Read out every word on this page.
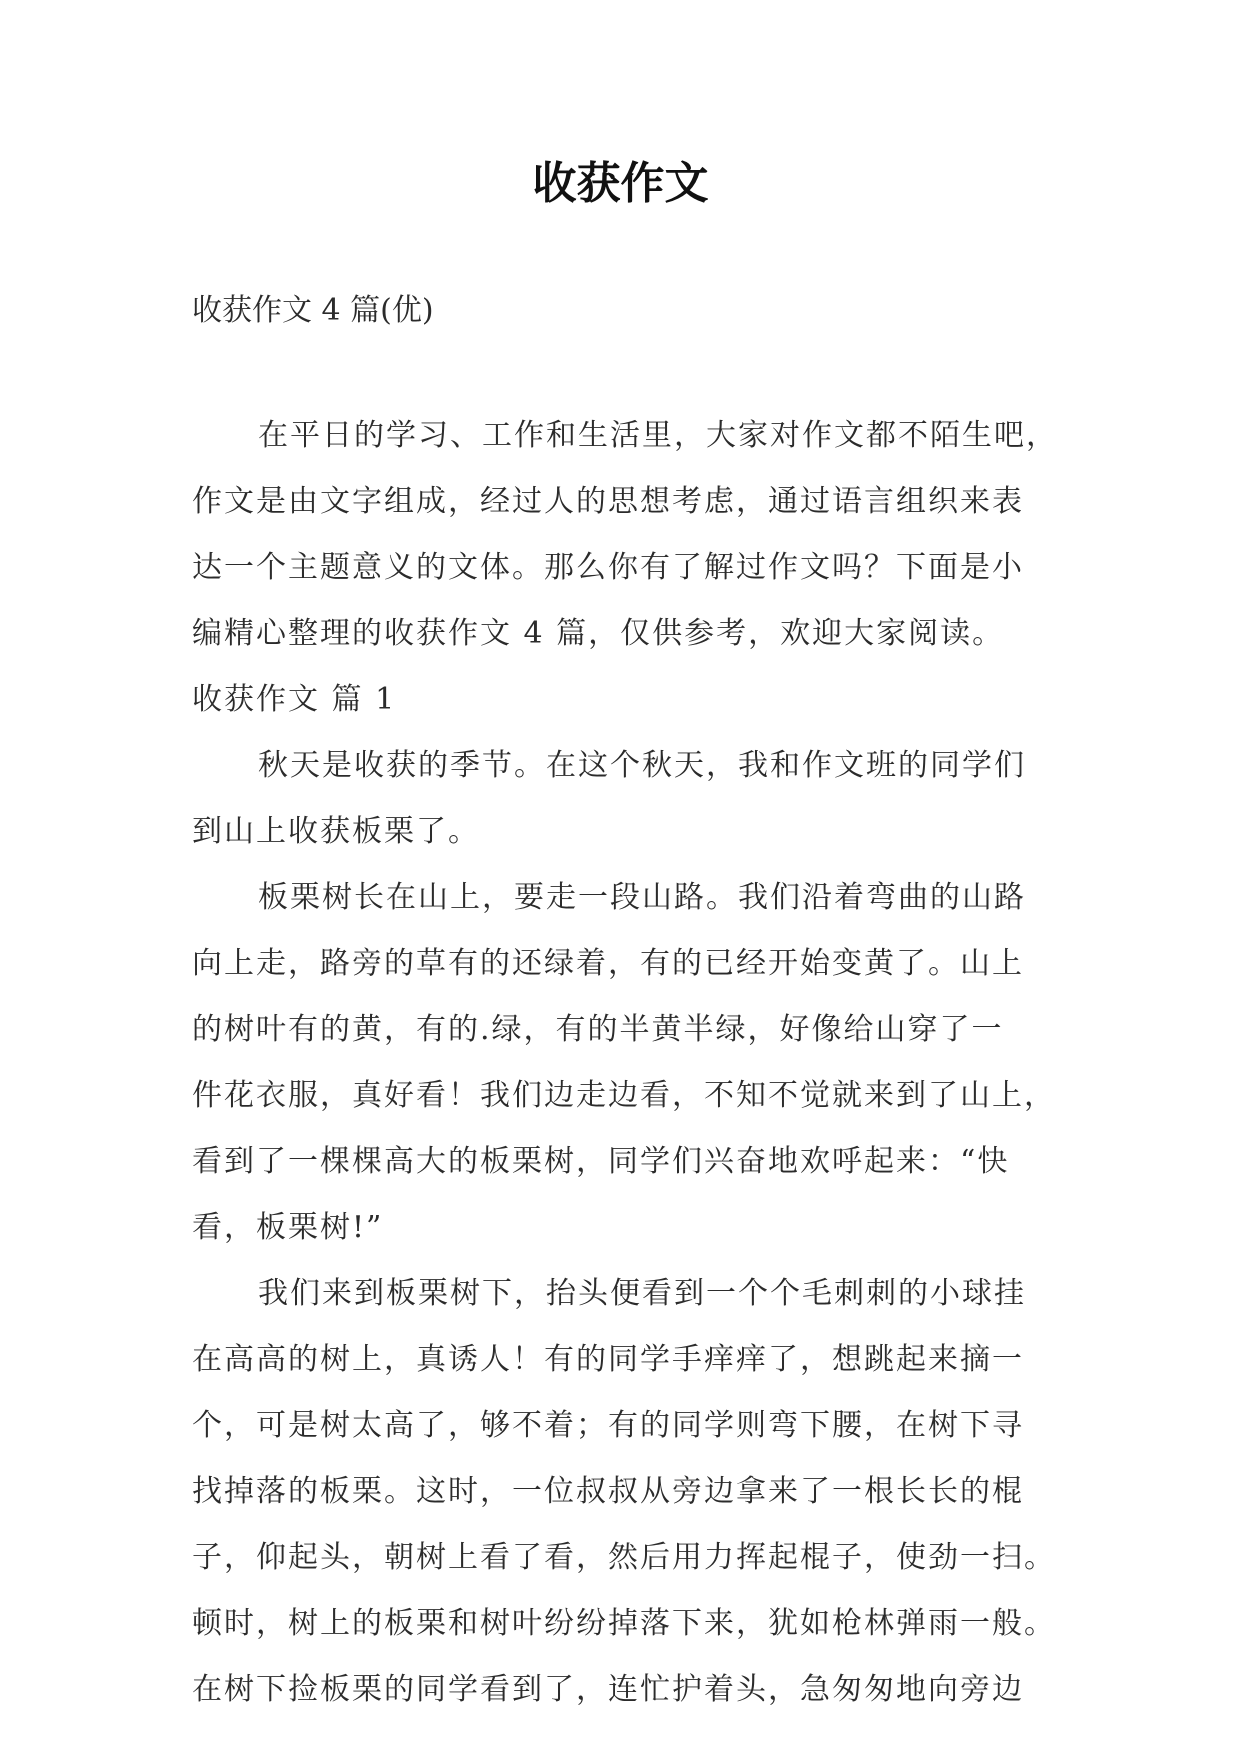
收获作文

收获作文 4 篇(优)

在平日的学习、工作和生活里，大家对作文都不陌生吧，

作文是由文字组成，经过人的思想考虑，通过语言组织来表

达一个主题意义的文体。那么你有了解过作文吗？下面是小

编精心整理的收获作文 4 篇，仅供参考，欢迎大家阅读。

收获作文 篇 1

秋天是收获的季节。在这个秋天，我和作文班的同学们

到山上收获板栗了。

板栗树长在山上，要走一段山路。我们沿着弯曲的山路

向上走，路旁的草有的还绿着，有的已经开始变黄了。山上

的树叶有的黄，有的.绿，有的半黄半绿，好像给山穿了一

件花衣服，真好看！我们边走边看，不知不觉就来到了山上，

看到了一棵棵高大的板栗树，同学们兴奋地欢呼起来：“快

看，板栗树!”

我们来到板栗树下，抬头便看到一个个毛刺刺的小球挂

在高高的树上，真诱人！有的同学手痒痒了，想跳起来摘一

个，可是树太高了，够不着；有的同学则弯下腰，在树下寻

找掉落的板栗。这时，一位叔叔从旁边拿来了一根长长的棍

子，仰起头，朝树上看了看，然后用力挥起棍子，使劲一扫。

顿时，树上的板栗和树叶纷纷掉落下来，犹如枪林弹雨一般。

在树下捡板栗的同学看到了，连忙护着头，急匆匆地向旁边
